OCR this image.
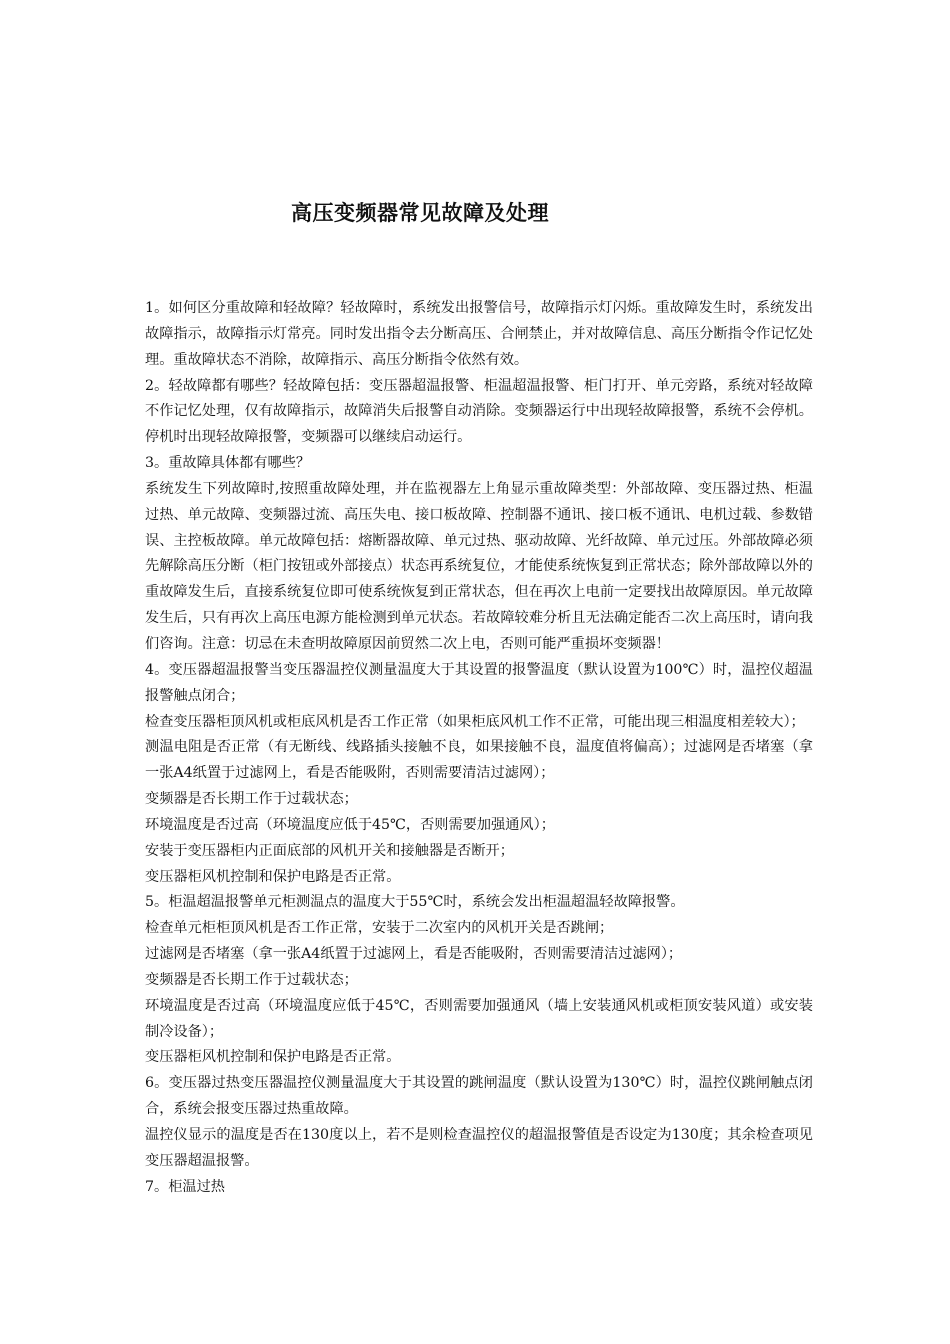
高压变频器常见故障及处理

1。如何区分重故障和轻故障？轻故障时，系统发出报警信号，故障指示灯闪烁。重故障发生时，系统发出故障指示，故障指示灯常亮。同时发出指令去分断高压、合闸禁止，并对故障信息、高压分断指令作记忆处理。重故障状态不消除，故障指示、高压分断指令依然有效。

2。轻故障都有哪些？轻故障包括：变压器超温报警、柜温超温报警、柜门打开、单元旁路，系统对轻故障不作记忆处理，仅有故障指示，故障消失后报警自动消除。变频器运行中出现轻故障报警，系统不会停机。停机时出现轻故障报警，变频器可以继续启动运行。

3。重故障具体都有哪些？

系统发生下列故障时,按照重故障处理，并在监视器左上角显示重故障类型：外部故障、变压器过热、柜温过热、单元故障、变频器过流、高压失电、接口板故障、控制器不通讯、接口板不通讯、电机过载、参数错误、主控板故障。单元故障包括：熔断器故障、单元过热、驱动故障、光纤故障、单元过压。外部故障必须先解除高压分断（柜门按钮或外部接点）状态再系统复位，才能使系统恢复到正常状态；除外部故障以外的重故障发生后，直接系统复位即可使系统恢复到正常状态，但在再次上电前一定要找出故障原因。单元故障发生后，只有再次上高压电源方能检测到单元状态。若故障较难分析且无法确定能否二次上高压时，请向我们咨询。注意：切忌在未查明故障原因前贸然二次上电，否则可能严重损坏变频器！

4。变压器超温报警当变压器温控仪测量温度大于其设置的报警温度（默认设置为100℃）时，温控仪超温报警触点闭合；

检查变压器柜顶风机或柜底风机是否工作正常（如果柜底风机工作不正常，可能出现三相温度相差较大）；

测温电阻是否正常（有无断线、线路插头接触不良，如果接触不良，温度值将偏高）；过滤网是否堵塞（拿一张A4纸置于过滤网上，看是否能吸附，否则需要清洁过滤网）；

变频器是否长期工作于过载状态；

环境温度是否过高（环境温度应低于45℃，否则需要加强通风）；

安装于变压器柜内正面底部的风机开关和接触器是否断开；

变压器柜风机控制和保护电路是否正常。

5。柜温超温报警单元柜测温点的温度大于55℃时，系统会发出柜温超温轻故障报警。

检查单元柜柜顶风机是否工作正常，安装于二次室内的风机开关是否跳闸；

过滤网是否堵塞（拿一张A4纸置于过滤网上，看是否能吸附，否则需要清洁过滤网）；

变频器是否长期工作于过载状态；

环境温度是否过高（环境温度应低于45℃，否则需要加强通风（墙上安装通风机或柜顶安装风道）或安装制冷设备）；

变压器柜风机控制和保护电路是否正常。

6。变压器过热变压器温控仪测量温度大于其设置的跳闸温度（默认设置为130℃）时，温控仪跳闸触点闭合，系统会报变压器过热重故障。

温控仪显示的温度是否在130度以上，若不是则检查温控仪的超温报警值是否设定为130度；其余检查项见变压器超温报警。

7。柜温过热
